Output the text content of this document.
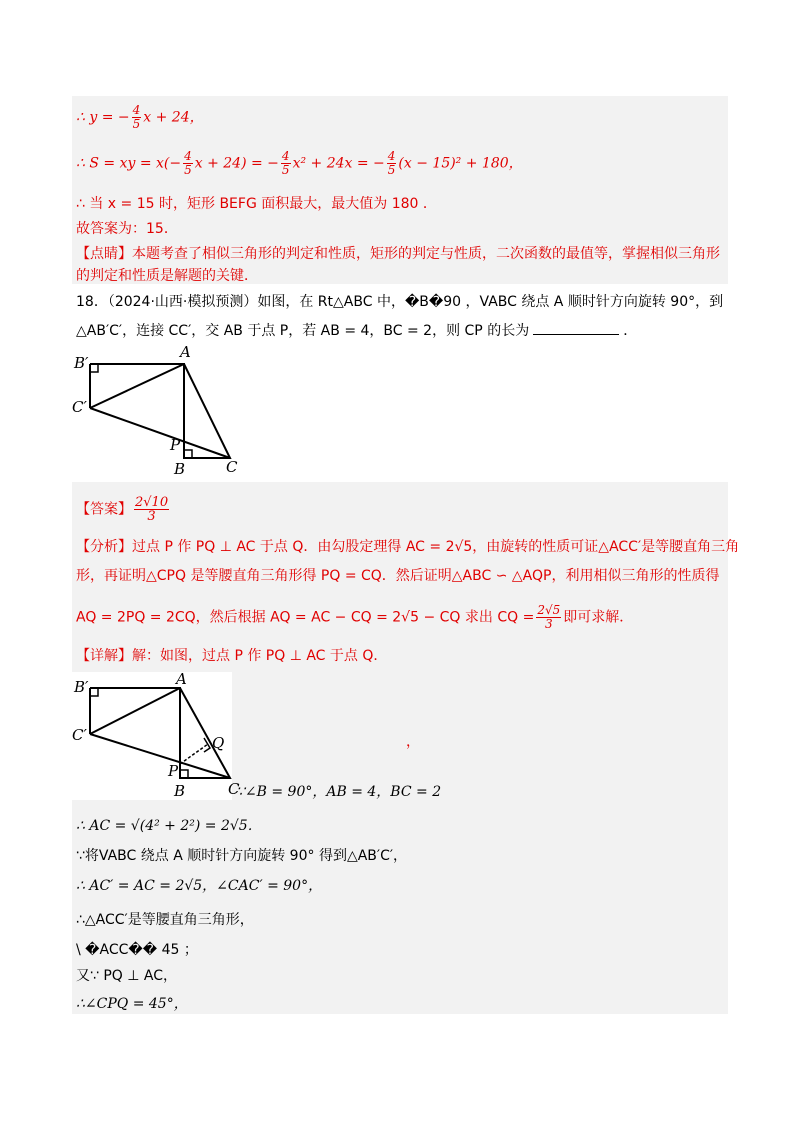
∴ y = − $\frac{4}{5}$ x + 24，
∴ S = xy = $x(- \frac{4}{5}$ x + 24) = − $\frac{4}{5} x^2 + 24x$ = − $\frac{4}{5} (x - 15)^2 + 180$，
∴ 当 x = 15 时，矩形 BEFG 面积最大，最大值为 180 ．
故答案为：15．
【点睛】本题考查了相似三角形的判定和性质，矩形的判定与性质，二次函数的最值等，掌握相似三角形
的判定和性质是解题的关键．
18．（2024·山西·模拟预测）如图，在 Rt△ABC 中，�B�90 ，VABC 绕点 A 顺时针方向旋转 90°，到
△AB′C′，连接 CC′，交 AB 于点 P，若 AB = 4，BC = 2，则 CP 的长为	．
B′
A
C′
P
B	C
【答案】 $\frac{2√10}{3}$
【分析】过点 P 作 PQ ⊥ AC 于点 Q．由勾股定理得 AC = 2√5，由旋转的性质可证△ACC′是等腰直角三角
形，再证明△CPQ 是等腰直角三角形得 PQ = CQ．然后证明△ABC ∽ △AQP，利用相似三角形的性质得
AQ = 2PQ = 2CQ，然后根据 AQ = AC − CQ = 2√5 − CQ 求出 CQ = $\frac{2√5}{3}$ 即可求解．
【详解】解：如图，过点 P 作 PQ ⊥ AC 于点 Q．
B′	A
C′
P
Q
B	C
，
∵∠B = 90°，AB = 4，BC = 2
∴ AC = √(4² + 2²) = 2√5．
∵将VABC 绕点 A 顺时针方向旋转 90° 得到△AB′C′，
∴ AC′ = AC = 2√5，∠CAC′ = 90°，
∴△ACC′是等腰直角三角形，
\ �ACC�� 45 ；
又∵ PQ ⊥ AC，
∴∠CPQ = 45°，
